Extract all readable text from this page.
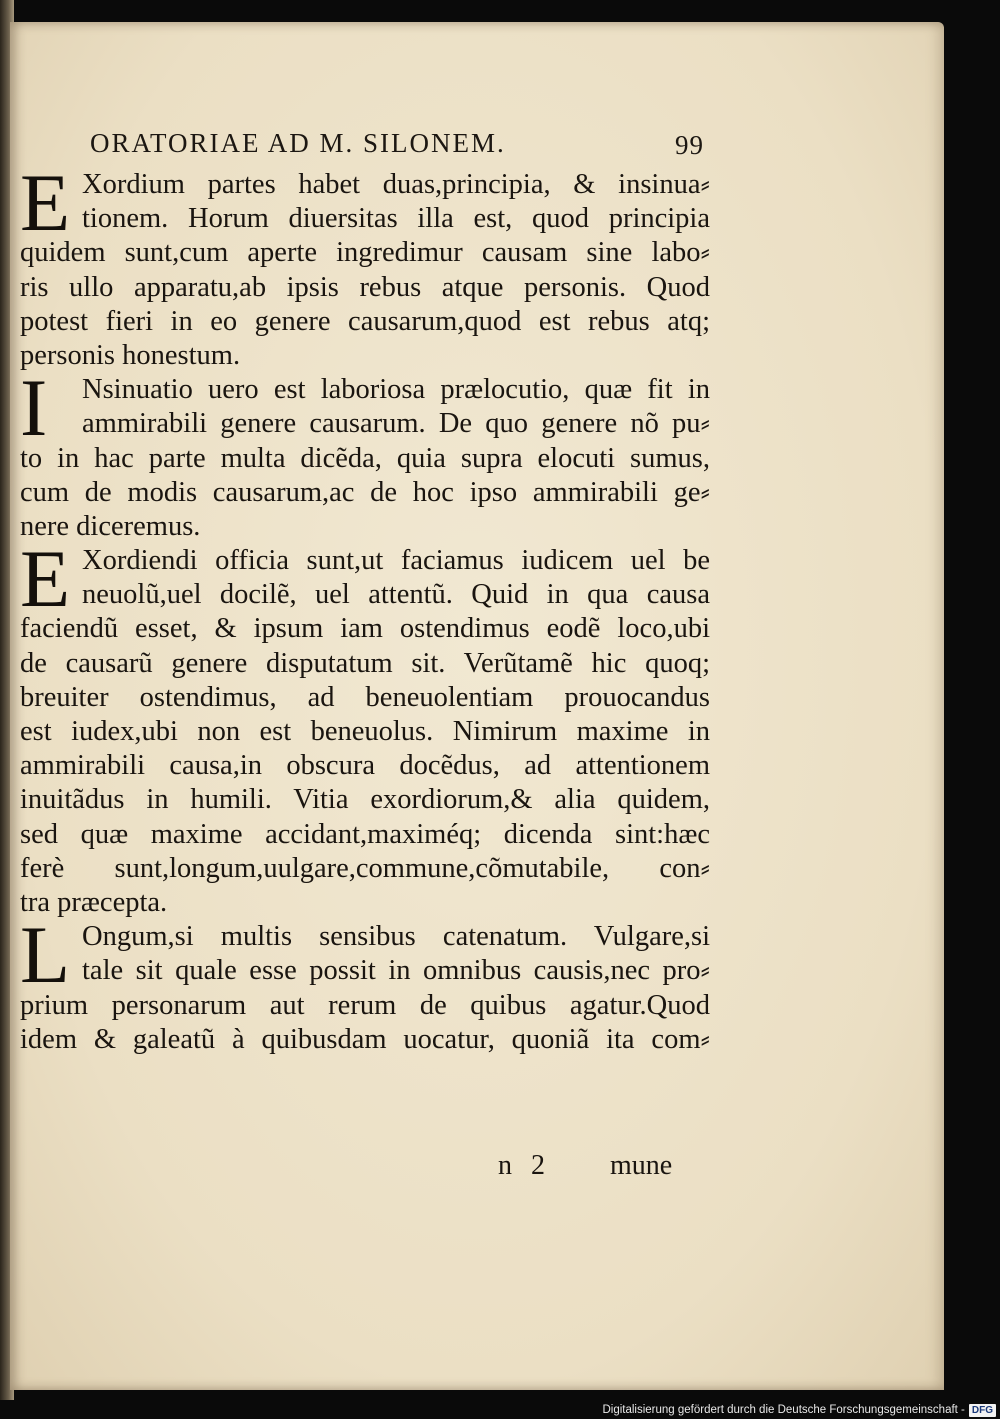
ORATORIAE AD M. SILONEM.	99
E Xordium partes habet duas,principia, & insinua⸗
tionem. Horum diuersitas illa est, quod principia
quidem sunt,cum aperte ingredimur causam sine labo⸗
ris ullo apparatu,ab ipsis rebus atque personis. Quod
potest fieri in eo genere causarum,quod est rebus atq;
personis honestum.
I	Nsinuatio uero est laboriosa prælocutio, quæ fit in
ammirabili genere causarum. De quo genere nõ pu⸗
to in hac parte multa dicẽda, quia supra elocuti sumus,
cum de modis causarum,ac de hoc ipso ammirabili ge⸗
nere diceremus.
E Xordiendi officia sunt,ut faciamus iudicem uel be
neuolũ,uel docilẽ, uel attentũ. Quid in qua causa
faciendũ esset, & ipsum iam ostendimus eodẽ loco,ubi
de causarũ genere disputatum sit. Verũtamẽ hic quoq;
breuiter ostendimus, ad beneuolentiam prouocandus
est iudex,ubi non est beneuolus. Nimirum maxime in
ammirabili causa,in obscura docẽdus, ad attentionem
inuitãdus in humili. Vitia exordiorum,& alia quidem,
sed quæ maxime accidant,maximéq; dicenda sint:hæc
ferè sunt,longum,uulgare,commune,cõmutabile, con⸗
tra præcepta.
L Ongum,si multis sensibus catenatum. Vulgare,si
tale sit quale esse possit in omnibus causis,nec pro⸗
prium personarum aut rerum de quibus agatur.Quod
idem & galeatũ à quibusdam uocatur, quoniã ita com⸗
n 2 mune
Digitalisierung gefördert durch die Deutsche Forschungsgemeinschaft - DFG
